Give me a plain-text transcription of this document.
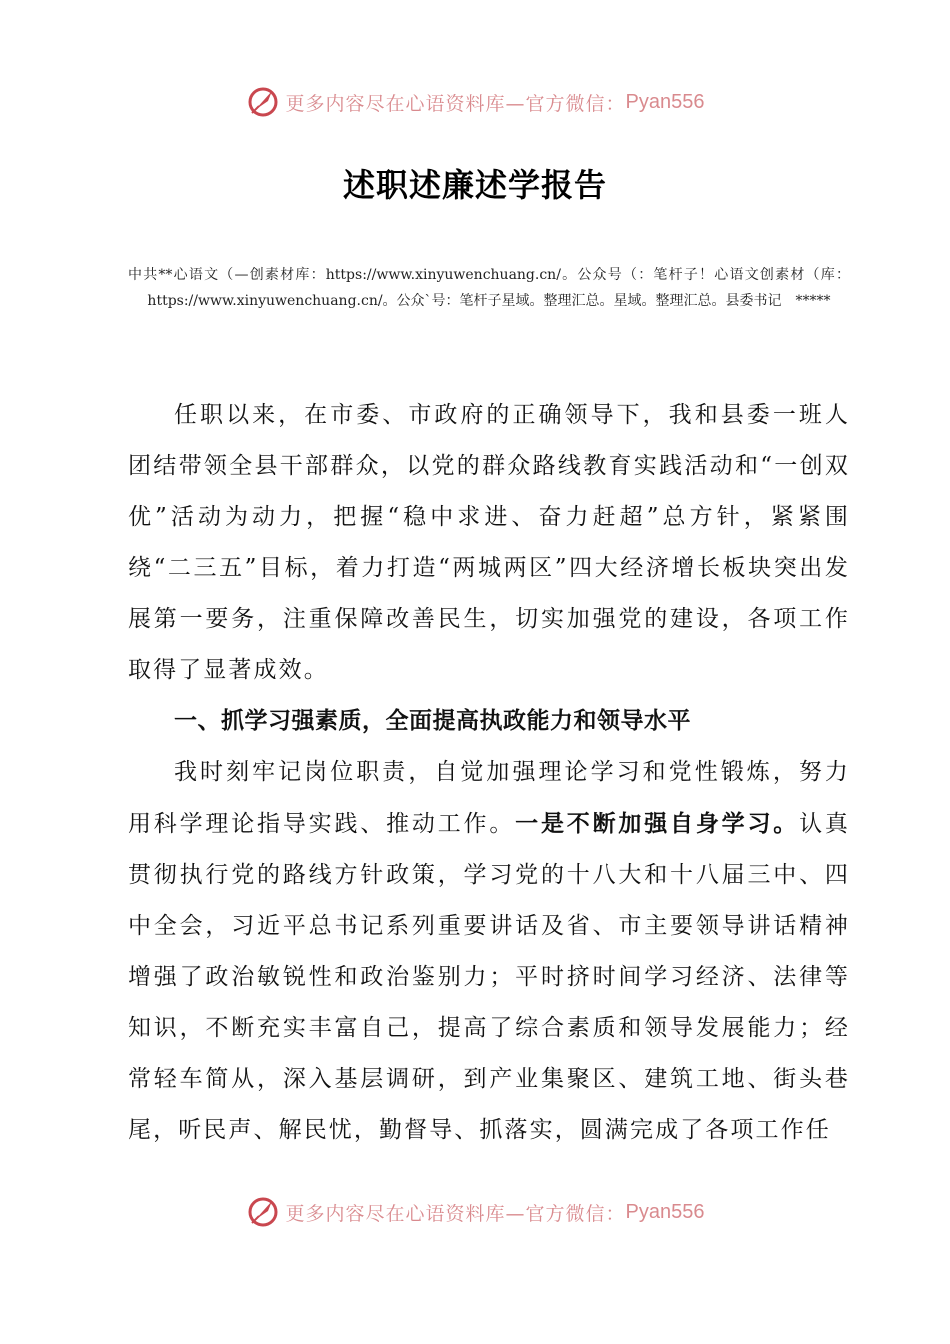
更多内容尽在心语资料库—官方微信： Pyan556
述职述廉述学报告
中共**心语文（—创素材库：https://www.xinyuwenchuang.cn/。公众号（：笔杆子！心语文创素材（库：https://www.xinyuwenchuang.cn/。公众`号：笔杆子星域。整理汇总。星域。整理汇总。县委书记　*****

任职以来，在市委、市政府的正确领导下，我和县委一班人团结带领全县干部群众，以党的群众路线教育实践活动和“一创双优”活动为动力，把握“稳中求进、奋力赶超”总方针，紧紧围绕“二三五”目标，着力打造“两城两区”四大经济增长板块突出发展第一要务，注重保障改善民生，切实加强党的建设，各项工作取得了显著成效。

一、抓学习强素质，全面提高执政能力和领导水平

我时刻牢记岗位职责，自觉加强理论学习和党性锻炼，努力用科学理论指导实践、推动工作。一是不断加强自身学习。认真贯彻执行党的路线方针政策，学习党的十八大和十八届三中、四中全会，习近平总书记系列重要讲话及省、市主要领导讲话精神增强了政治敏锐性和政治鉴别力；平时挤时间学习经济、法律等知识，不断充实丰富自己，提高了综合素质和领导发展能力；经常轻车简从，深入基层调研，到产业集聚区、建筑工地、街头巷尾，听民声、解民忧，勤督导、抓落实，圆满完成了各项工作任

更多内容尽在心语资料库—官方微信： Pyan556
